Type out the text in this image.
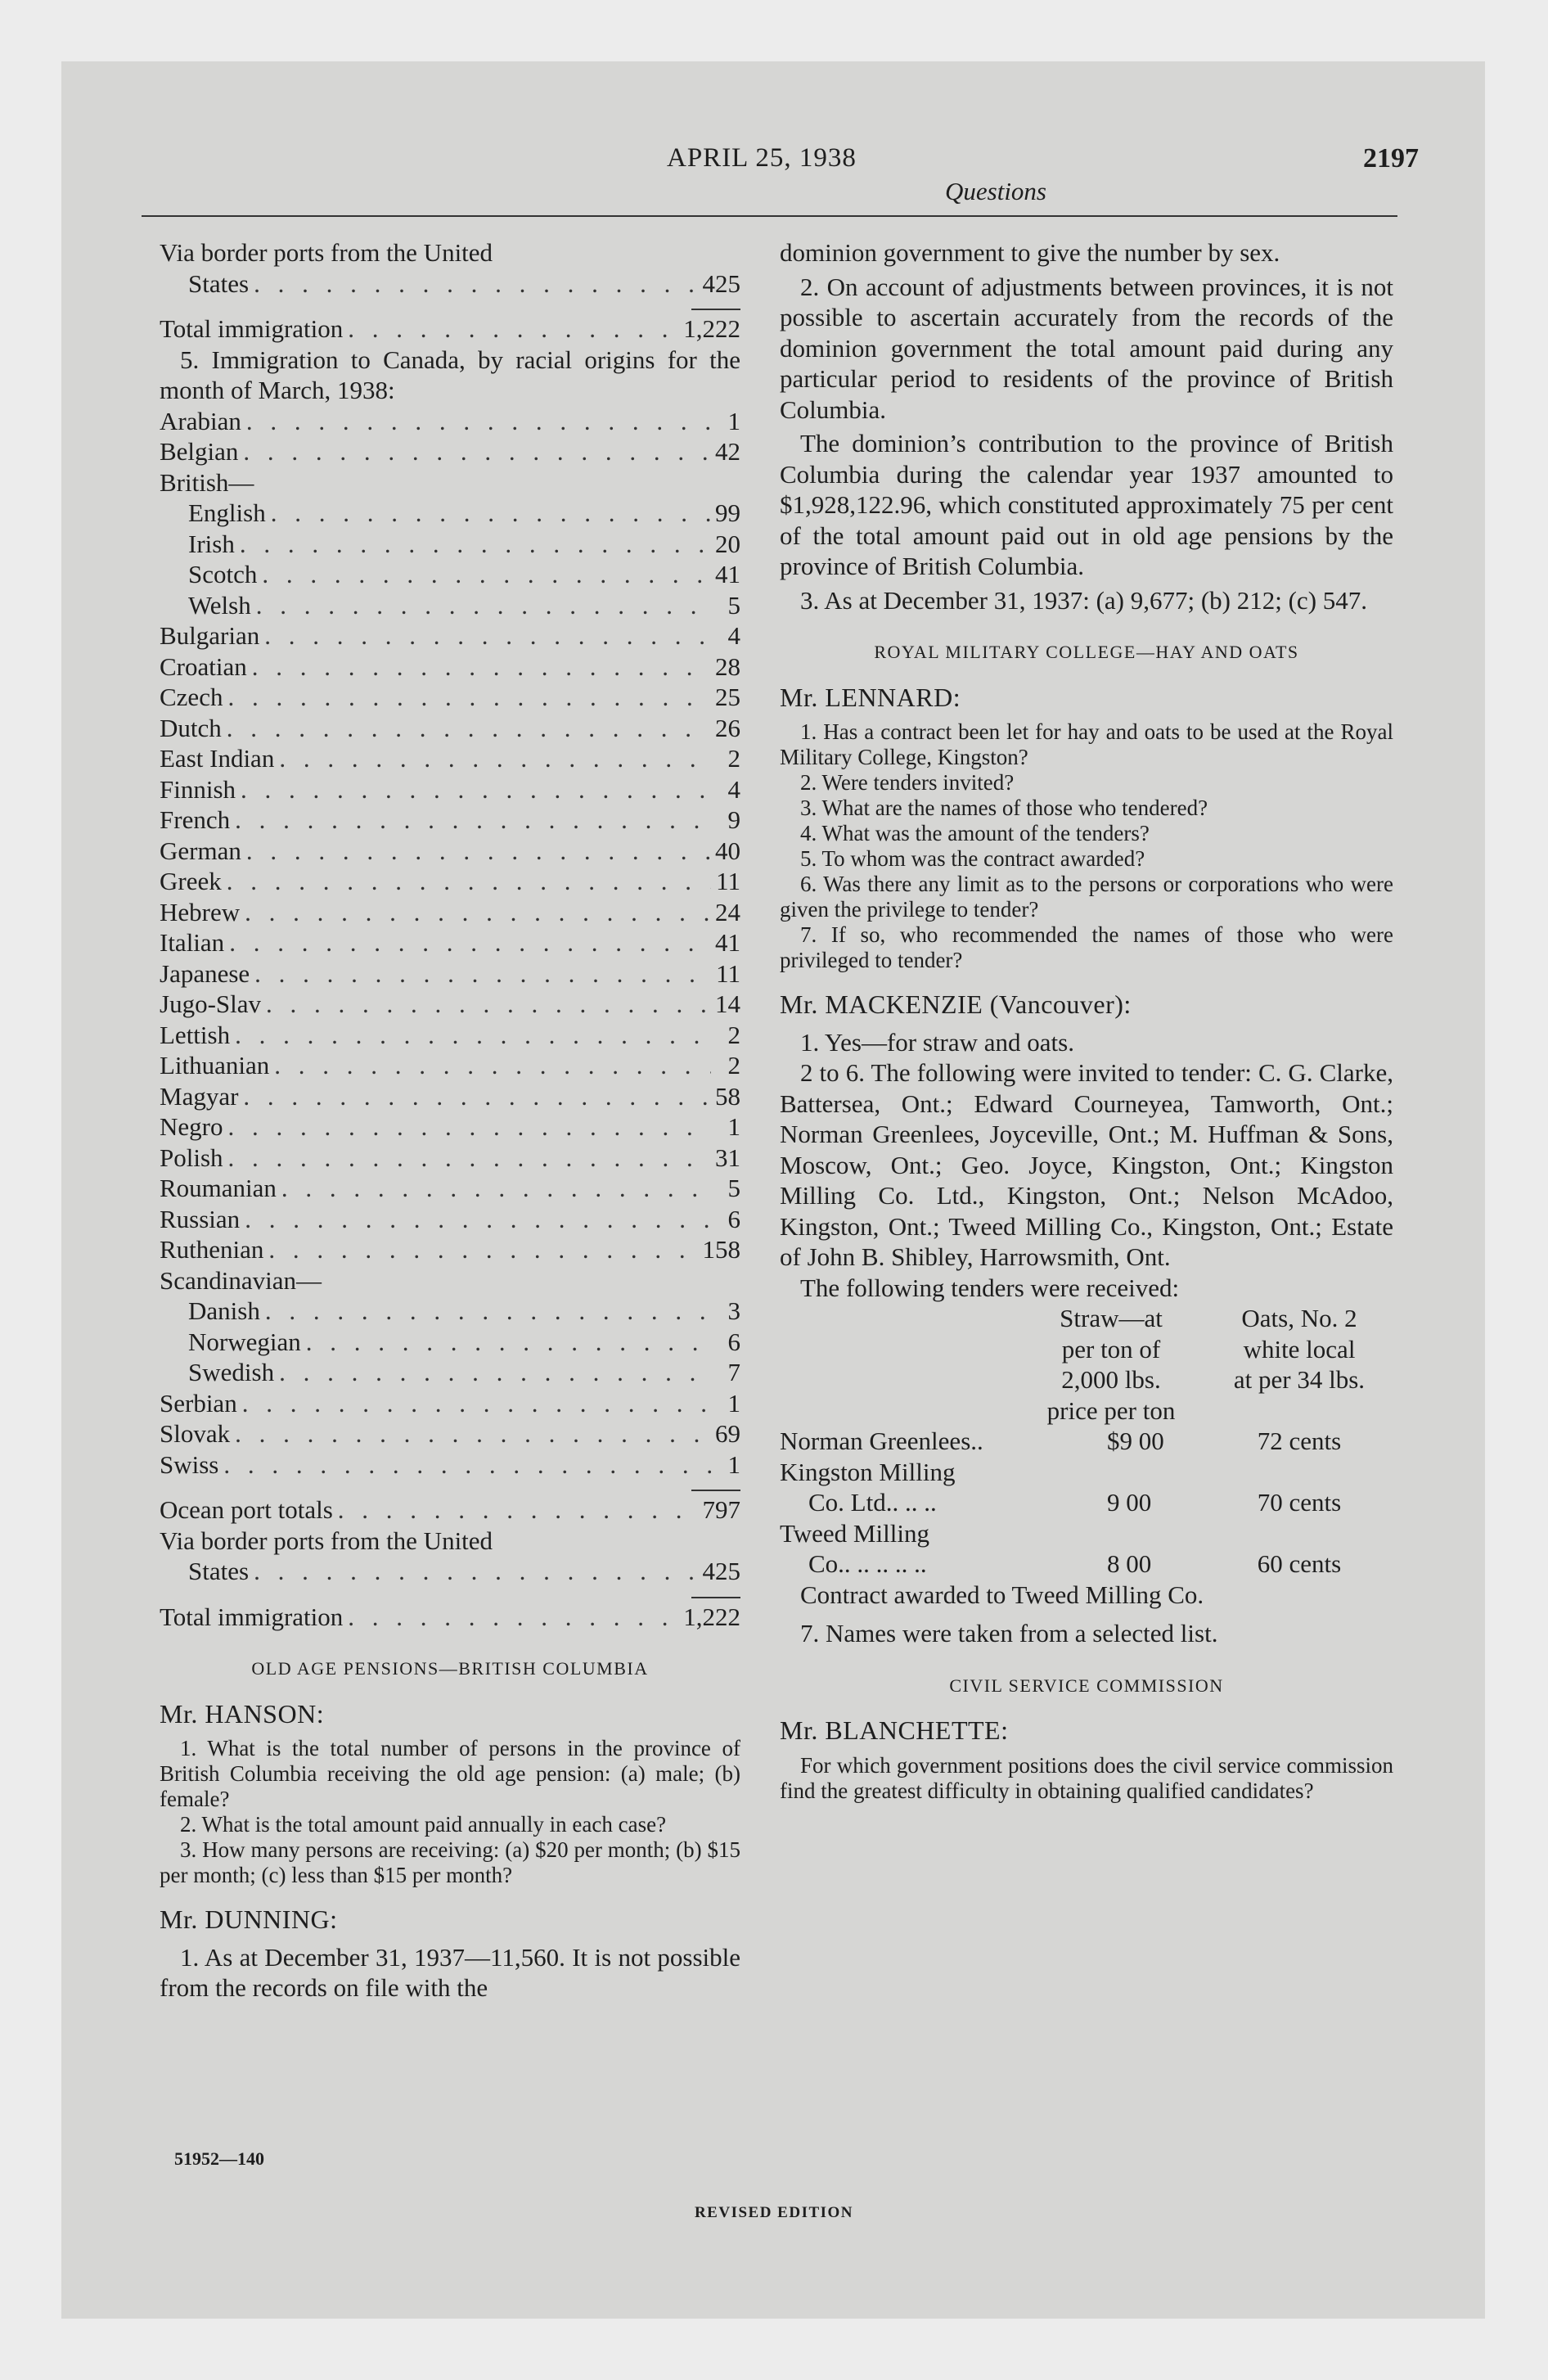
APRIL 25, 1938
Questions
2197
Via border ports from the United
States . . .	425
Total immigration . . .	1,222

5. Immigration to Canada, by racial origins for the month of March, 1938:

Arabian . . .	1
Belgian . . .	42
British—
English . . .	99
Irish . . .	20
Scotch . . .	41
Welsh . . .	5
Bulgarian . . .	4
Croatian . . .	28
Czech . . .	25
Dutch . . .	26
East Indian . . .	2
Finnish . . .	4
French . . .	9
German . . .	40
Greek . . .	11
Hebrew . . .	24
Italian . . .	41
Japanese . . .	11
Jugo-Slav . . .	14
Lettish . . .	2
Lithuanian . . .	2
Magyar . . .	58
Negro . . .	1
Polish . . .	31
Roumanian . . .	5
Russian . . .	6
Ruthenian . . .	158
Scandinavian—
Danish . . .	3
Norwegian . . .	6
Swedish . . .	7
Serbian . . .	1
Slovak . . .	69
Swiss . . .	1
Ocean port totals . . .	797
Via border ports from the United
States . . .	425
Total immigration . . .	1,222
OLD AGE PENSIONS—BRITISH COLUMBIA
Mr. HANSON:

1. What is the total number of persons in the province of British Columbia receiving the old age pension: (a) male; (b) female?

2. What is the total amount paid annually in each case?

3. How many persons are receiving: (a) $20 per month; (b) $15 per month; (c) less than $15 per month?

Mr. DUNNING:

1. As at December 31, 1937—11,560. It is not possible from the records on file with the

dominion government to give the number by sex.

2. On account of adjustments between provinces, it is not possible to ascertain accurately from the records of the dominion government the total amount paid during any particular period to residents of the province of British Columbia.

The dominion’s contribution to the province of British Columbia during the calendar year 1937 amounted to $1,928,122.96, which constituted approximately 75 per cent of the total amount paid out in old age pensions by the province of British Columbia.

3. As at December 31, 1937: (a) 9,677; (b) 212; (c) 547.

ROYAL MILITARY COLLEGE—HAY AND OATS
Mr. LENNARD:

1. Has a contract been let for hay and oats to be used at the Royal Military College, Kingston?

2. Were tenders invited?

3. What are the names of those who tendered?

4. What was the amount of the tenders?

5. To whom was the contract awarded?

6. Was there any limit as to the persons or corporations who were given the privilege to tender?

7. If so, who recommended the names of those who were privileged to tender?

Mr. MACKENZIE (Vancouver):

1. Yes—for straw and oats.

2 to 6. The following were invited to tender: C. G. Clarke, Battersea, Ont.; Edward Courneyea, Tamworth, Ont.; Norman Greenlees, Joyceville, Ont.; M. Huffman & Sons, Moscow, Ont.; Geo. Joyce, Kingston, Ont.; Kingston Milling Co. Ltd., Kingston, Ont.; Nelson McAdoo, Kingston, Ont.; Tweed Milling Co., Kingston, Ont.; Estate of John B. Shibley, Harrowsmith, Ont.

The following tenders were received:

Straw—at
per ton of
2,000 lbs.
price per ton
Oats, No. 2
white local
at per 34 lbs.
Norman Greenlees..	$9 00	72 cents
Kingston Milling
Co. Ltd.. .. ..	9 00	70 cents
Tweed Milling
Co.. .. .. .. ..	8 00	60 cents

Contract awarded to Tweed Milling Co.

7. Names were taken from a selected list.

CIVIL SERVICE COMMISSION
Mr. BLANCHETTE:

For which government positions does the civil service commission find the greatest difficulty in obtaining qualified candidates?

51952—140
REVISED EDITION
